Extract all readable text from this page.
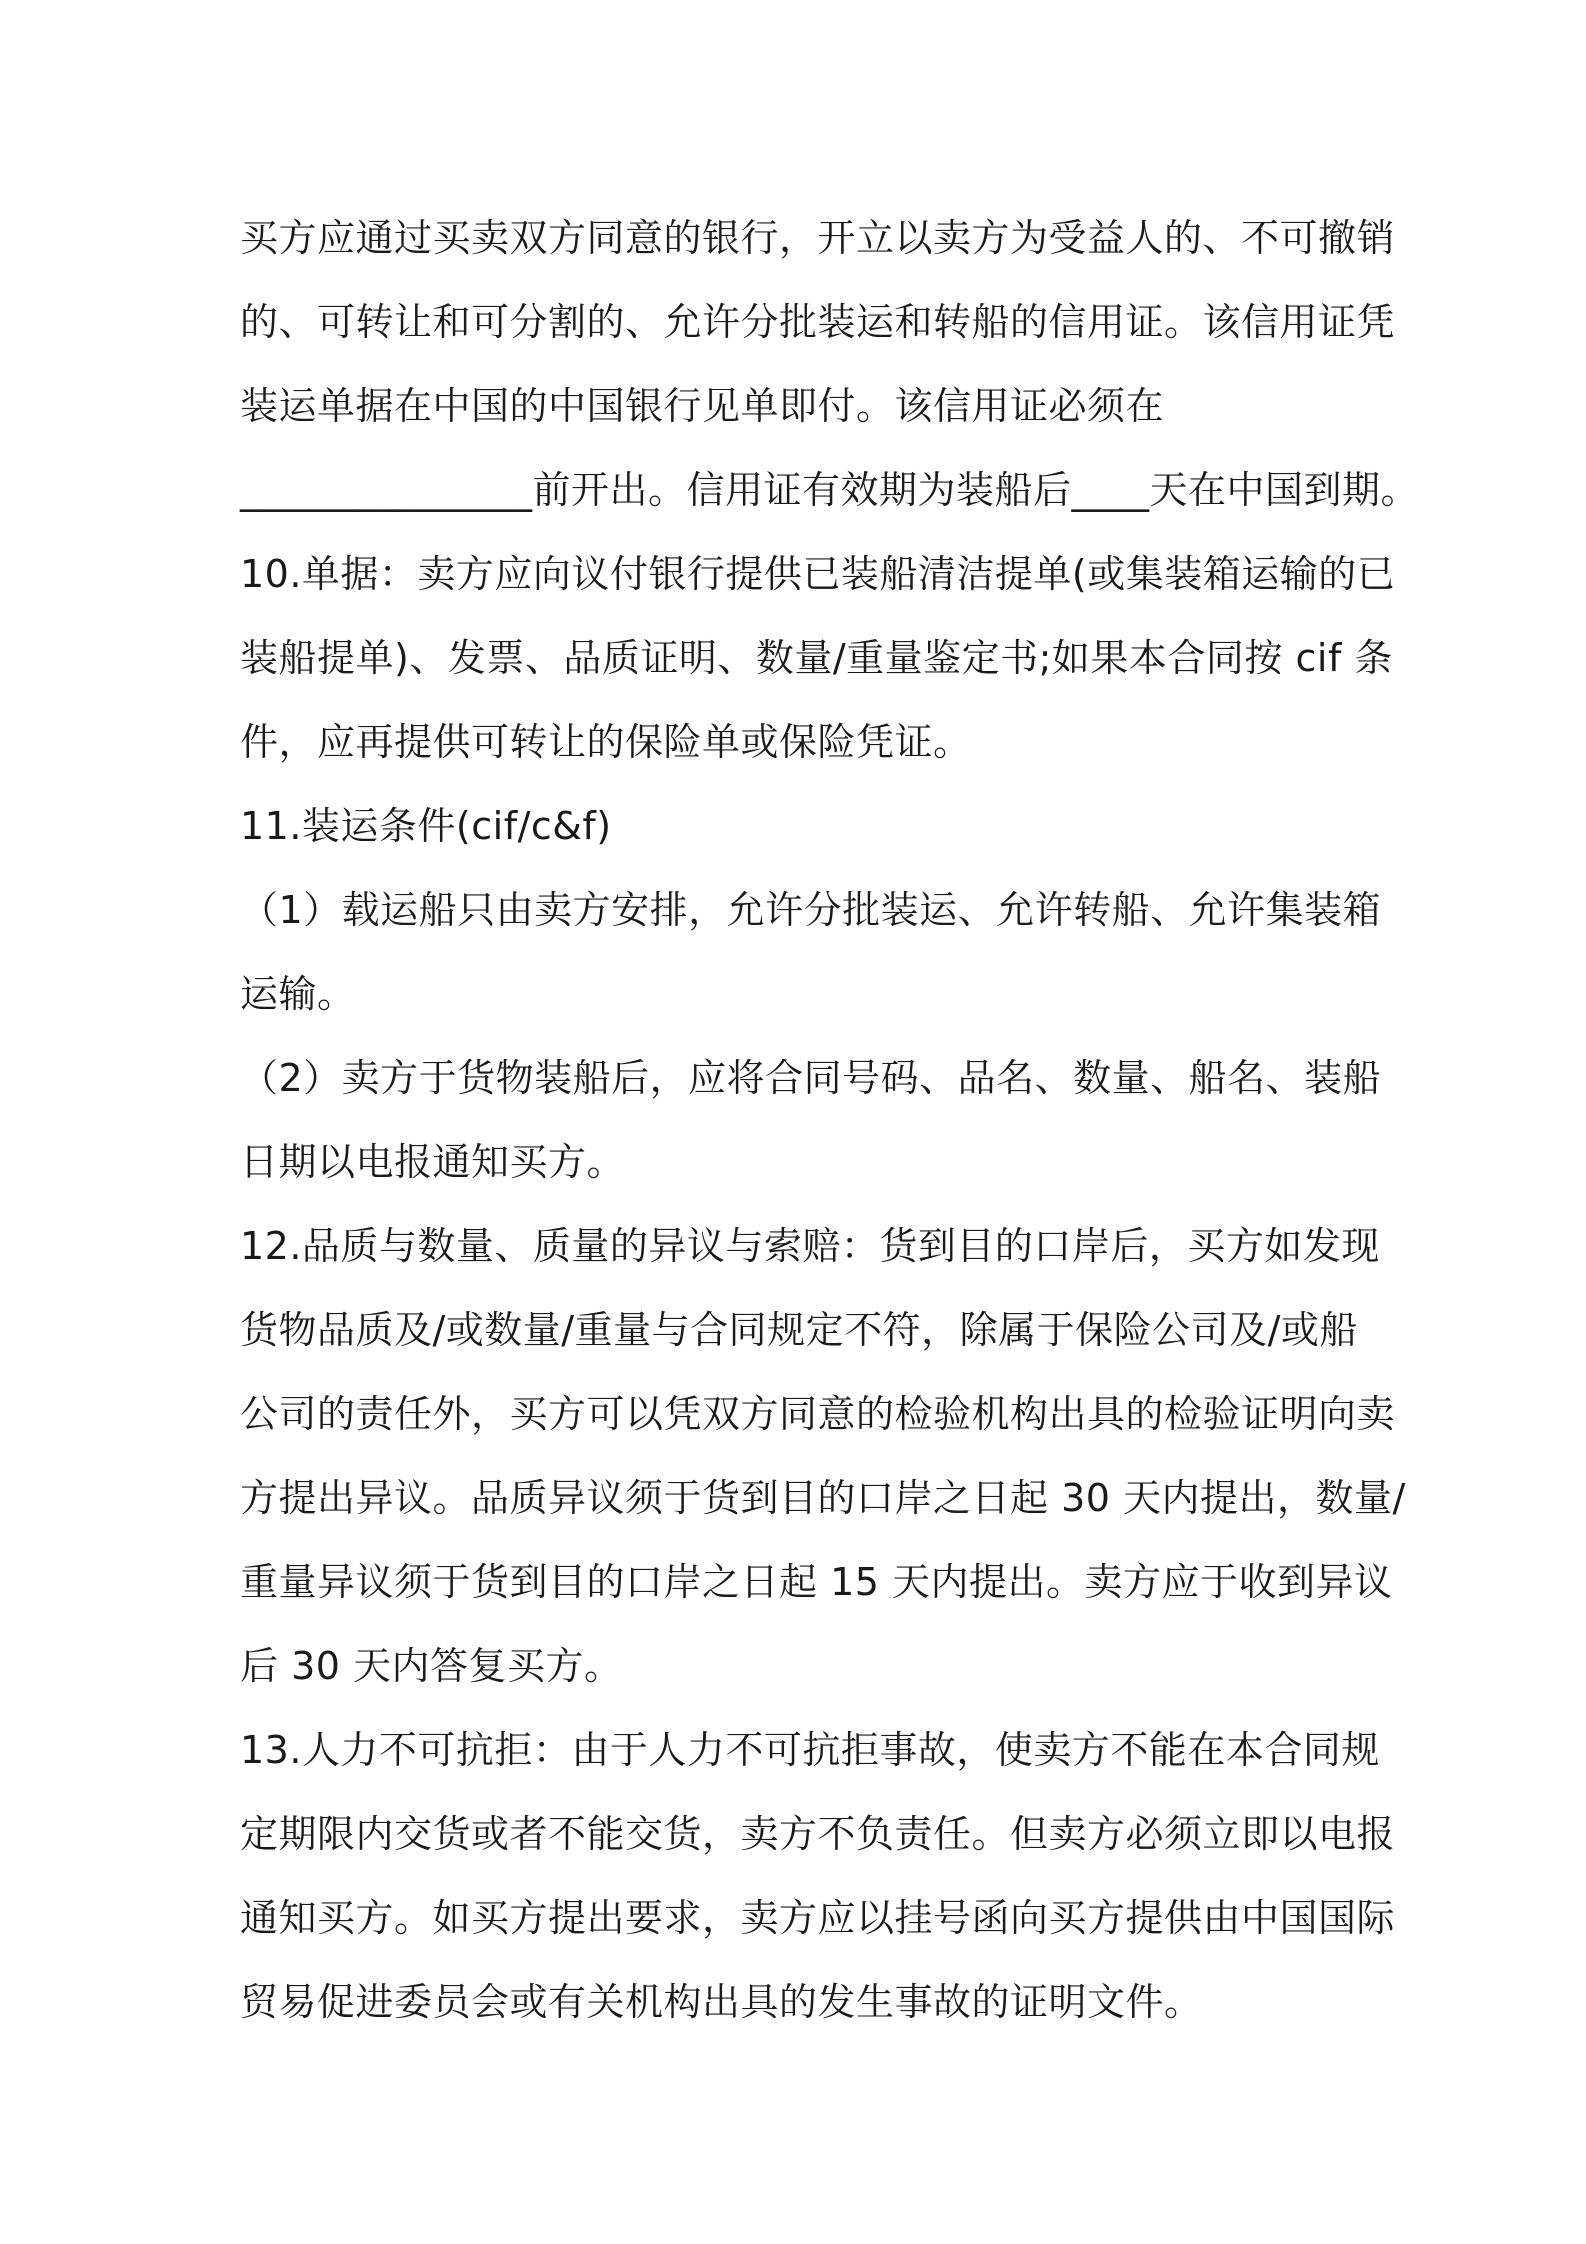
买方应通过买卖双方同意的银行，开立以卖方为受益人的、不可撤销
的、可转让和可分割的、允许分批装运和转船的信用证。该信用证凭
装运单据在中国的中国银行见单即付。该信用证必须在
_______________前开出。信用证有效期为装船后____天在中国到期。
10.单据：卖方应向议付银行提供已装船清洁提单(或集装箱运输的已
装船提单)、发票、品质证明、数量/重量鉴定书;如果本合同按 cif 条
件，应再提供可转让的保险单或保险凭证。
11.装运条件(cif/c&f)
（1）载运船只由卖方安排，允许分批装运、允许转船、允许集装箱
运输。
（2）卖方于货物装船后，应将合同号码、品名、数量、船名、装船
日期以电报通知买方。
12.品质与数量、质量的异议与索赔：货到目的口岸后，买方如发现
货物品质及/或数量/重量与合同规定不符，除属于保险公司及/或船
公司的责任外，买方可以凭双方同意的检验机构出具的检验证明向卖
方提出异议。品质异议须于货到目的口岸之日起 30 天内提出，数量/
重量异议须于货到目的口岸之日起 15 天内提出。卖方应于收到异议
后 30 天内答复买方。
13.人力不可抗拒：由于人力不可抗拒事故，使卖方不能在本合同规
定期限内交货或者不能交货，卖方不负责任。但卖方必须立即以电报
通知买方。如买方提出要求，卖方应以挂号函向买方提供由中国国际
贸易促进委员会或有关机构出具的发生事故的证明文件。
